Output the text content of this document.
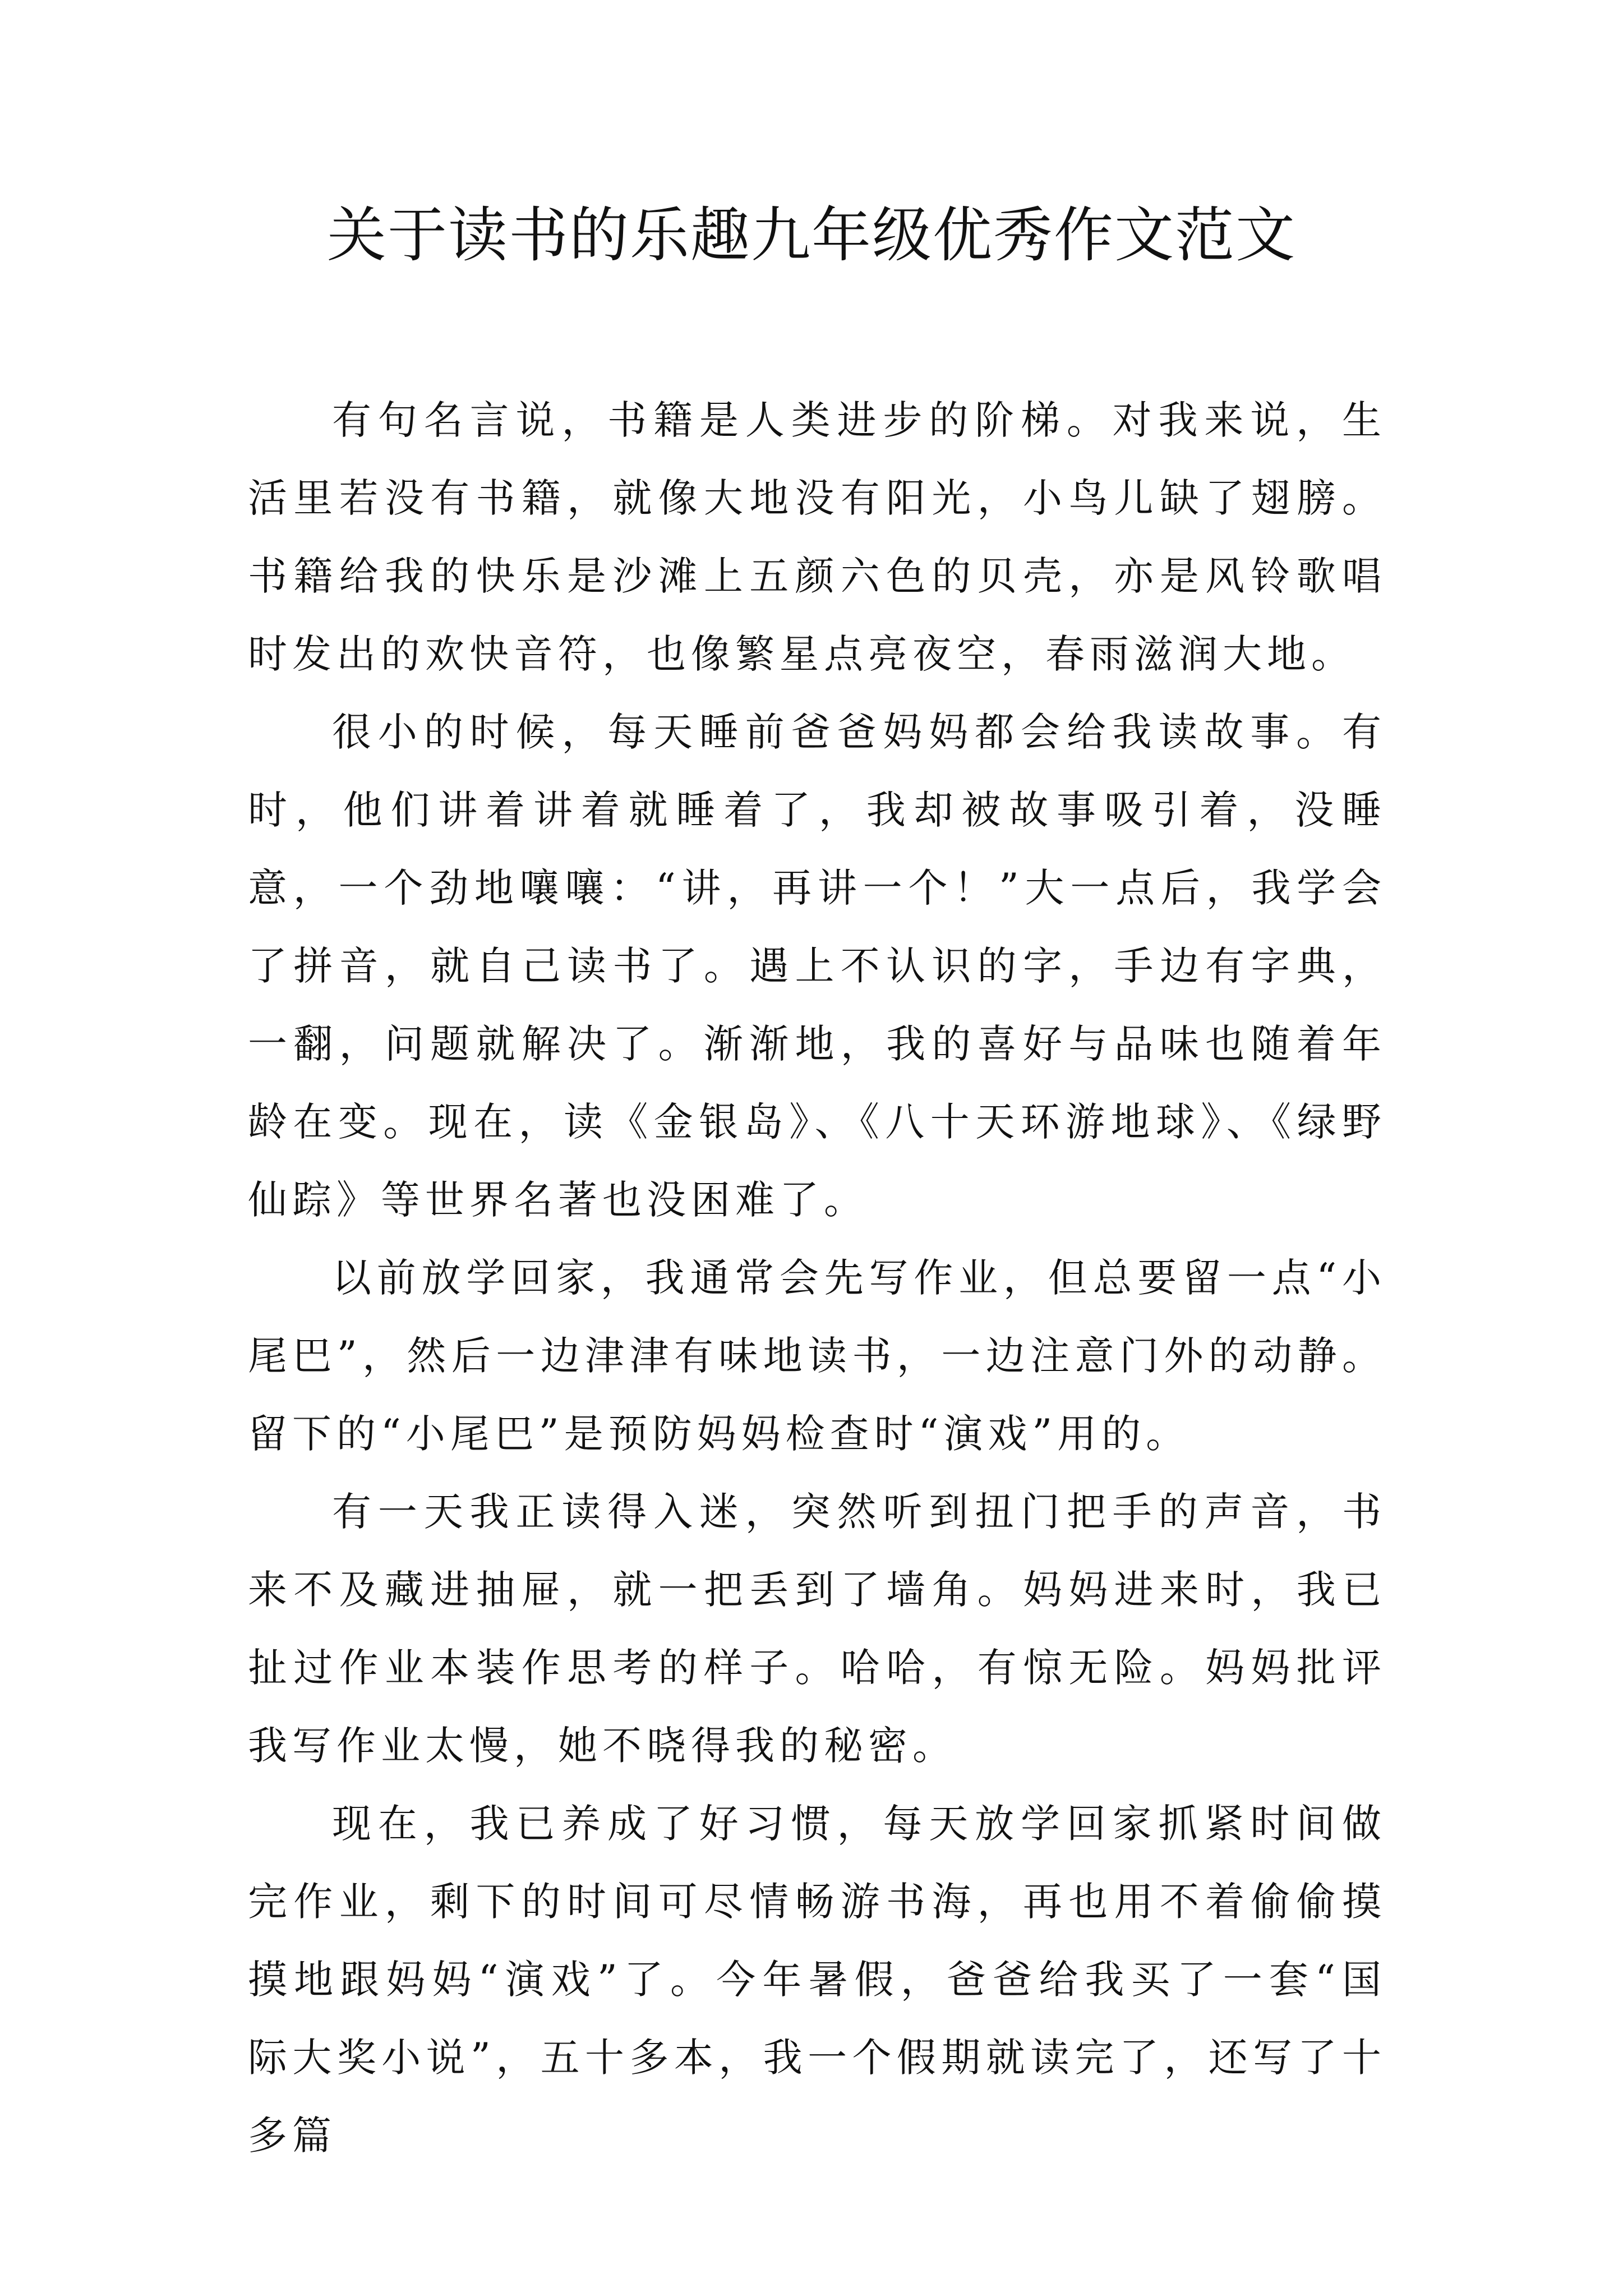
关于读书的乐趣九年级优秀作文范文

有句名言说，书籍是人类进步的阶梯。对我来说，生活里若没有书籍，就像大地没有阳光，小鸟儿缺了翅膀。书籍给我的快乐是沙滩上五颜六色的贝壳，亦是风铃歌唱时发出的欢快音符，也像繁星点亮夜空，春雨滋润大地。

很小的时候，每天睡前爸爸妈妈都会给我读故事。有时，他们讲着讲着就睡着了，我却被故事吸引着，没睡意，一个劲地嚷嚷：“讲，再讲一个！”大一点后，我学会了拼音，就自己读书了。遇上不认识的字，手边有字典，一翻，问题就解决了。渐渐地，我的喜好与品味也随着年龄在变。现在，读《金银岛》、《八十天环游地球》、《绿野仙踪》等世界名著也没困难了。

以前放学回家，我通常会先写作业，但总要留一点“小尾巴”，然后一边津津有味地读书，一边注意门外的动静。留下的“小尾巴”是预防妈妈检查时“演戏”用的。

有一天我正读得入迷，突然听到扭门把手的声音，书来不及藏进抽屉，就一把丢到了墙角。妈妈进来时，我已扯过作业本装作思考的样子。哈哈，有惊无险。妈妈批评我写作业太慢，她不晓得我的秘密。

现在，我已养成了好习惯，每天放学回家抓紧时间做完作业，剩下的时间可尽情畅游书海，再也用不着偷偷摸摸地跟妈妈“演戏”了。今年暑假，爸爸给我买了一套“国际大奖小说”，五十多本，我一个假期就读完了，还写了十多篇
